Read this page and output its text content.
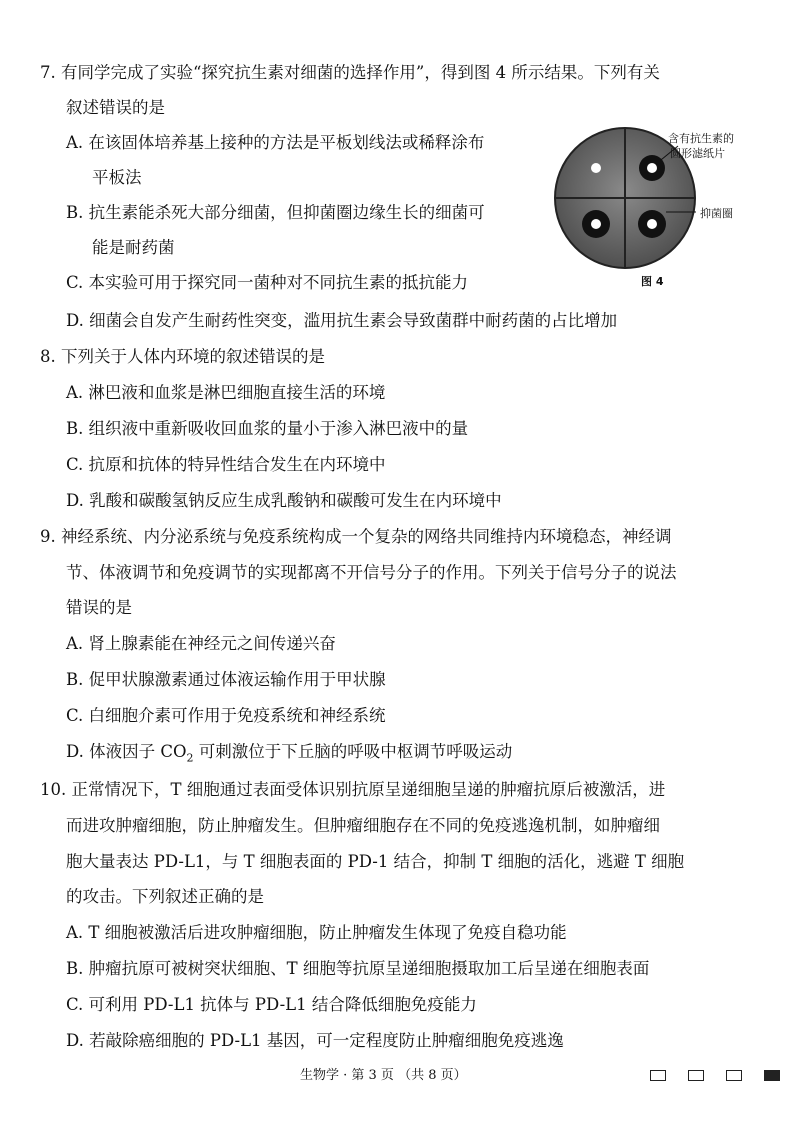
7. 有同学完成了实验“探究抗生素对细菌的选择作用”，得到图 4 所示结果。下列有关
叙述错误的是
A. 在该固体培养基上接种的方法是平板划线法或稀释涂布
平板法
B. 抗生素能杀死大部分细菌，但抑菌圈边缘生长的细菌可
能是耐药菌
C. 本实验可用于探究同一菌种对不同抗生素的抵抗能力
D. 细菌会自发产生耐药性突变，滥用抗生素会导致菌群中耐药菌的占比增加
含有抗生素的
圆形滤纸片
抑菌圈
图 4
8. 下列关于人体内环境的叙述错误的是
A. 淋巴液和血浆是淋巴细胞直接生活的环境
B. 组织液中重新吸收回血浆的量小于渗入淋巴液中的量
C. 抗原和抗体的特异性结合发生在内环境中
D. 乳酸和碳酸氢钠反应生成乳酸钠和碳酸可发生在内环境中
9. 神经系统、内分泌系统与免疫系统构成一个复杂的网络共同维持内环境稳态，神经调
节、体液调节和免疫调节的实现都离不开信号分子的作用。下列关于信号分子的说法
错误的是
A. 肾上腺素能在神经元之间传递兴奋
B. 促甲状腺激素通过体液运输作用于甲状腺
C. 白细胞介素可作用于免疫系统和神经系统
D. 体液因子 $CO_2$ 可刺激位于下丘脑的呼吸中枢调节呼吸运动
10. 正常情况下，T 细胞通过表面受体识别抗原呈递细胞呈递的肿瘤抗原后被激活，进
而进攻肿瘤细胞，防止肿瘤发生。但肿瘤细胞存在不同的免疫逃逸机制，如肿瘤细
胞大量表达 PD-L1，与 T 细胞表面的 PD-1 结合，抑制 T 细胞的活化，逃避 T 细胞
的攻击。下列叙述正确的是
A. T 细胞被激活后进攻肿瘤细胞，防止肿瘤发生体现了免疫自稳功能
B. 肿瘤抗原可被树突状细胞、T 细胞等抗原呈递细胞摄取加工后呈递在细胞表面
C. 可利用 PD-L1 抗体与 PD-L1 结合降低细胞免疫能力
D. 若敲除癌细胞的 PD-L1 基因，可一定程度防止肿瘤细胞免疫逃逸
生物学 · 第 3 页 （共 8 页）
